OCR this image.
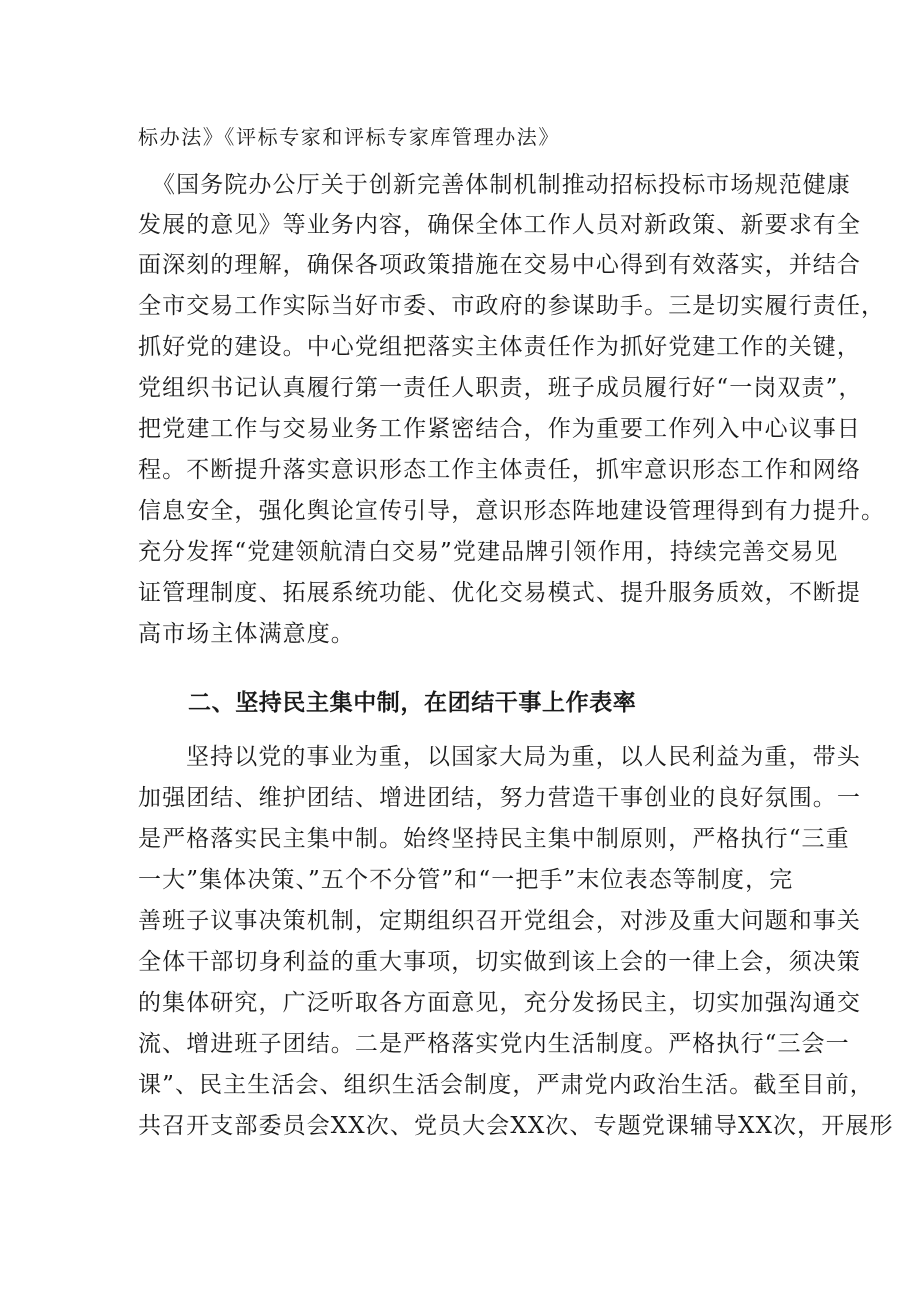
标办法》《评标专家和评标专家库管理办法》
《国务院办公厅关于创新完善体制机制推动招标投标市场规范健康
发展的意见》等业务内容，确保全体工作人员对新政策、新要求有全
面深刻的理解，确保各项政策措施在交易中心得到有效落实，并结合
全市交易工作实际当好市委、市政府的参谋助手。三是切实履行责任，
抓好党的建设。中心党组把落实主体责任作为抓好党建工作的关键，
党组织书记认真履行第一责任人职责，班子成员履行好“一岗双责”，
把党建工作与交易业务工作紧密结合，作为重要工作列入中心议事日
程。不断提升落实意识形态工作主体责任，抓牢意识形态工作和网络
信息安全，强化舆论宣传引导，意识形态阵地建设管理得到有力提升。
充分发挥“党建领航清白交易”党建品牌引领作用，持续完善交易见
证管理制度、拓展系统功能、优化交易模式、提升服务质效，不断提
高市场主体满意度。
二、坚持民主集中制，在团结干事上作表率
坚持以党的事业为重，以国家大局为重，以人民利益为重，带头
加强团结、维护团结、增进团结，努力营造干事创业的良好氛围。一
是严格落实民主集中制。始终坚持民主集中制原则，严格执行“三重
一大”集体决策、”五个不分管”和“一把手”末位表态等制度，完
善班子议事决策机制，定期组织召开党组会，对涉及重大问题和事关
全体干部切身利益的重大事项，切实做到该上会的一律上会，须决策
的集体研究，广泛听取各方面意见，充分发扬民主，切实加强沟通交
流、增进班子团结。二是严格落实党内生活制度。严格执行“三会一
课”、民主生活会、组织生活会制度，严肃党内政治生活。截至目前，
共召开支部委员会XX次、党员大会XX次、专题党课辅导XX次，开展形
